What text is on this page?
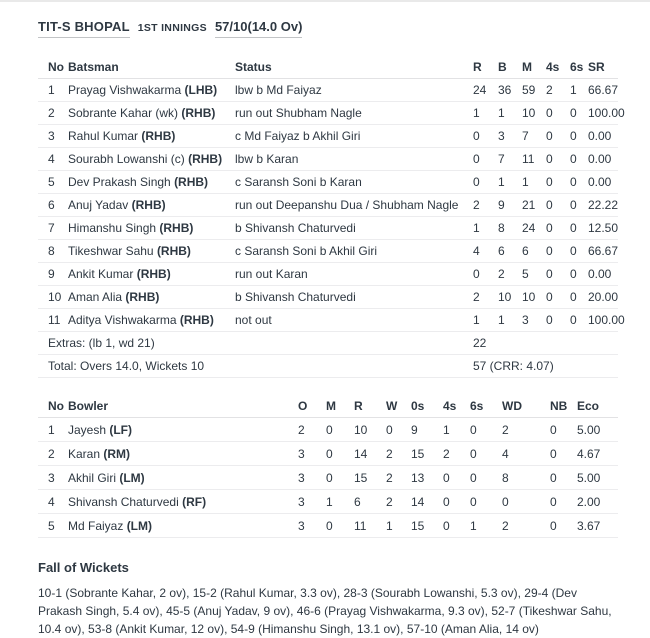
TIT-S BHOPAL 1ST INNINGS 57/10(14.0 Ov)
No	Batsman	Status	R	B	M	4s	6s	SR
1	Prayag Vishwakarma (LHB)	lbw b Md Faiyaz	24	36	59	2	1	66.67
2	Sobrante Kahar (wk) (RHB)	run out Shubham Nagle	1	1	10	0	0	100.00
3	Rahul Kumar (RHB)	c Md Faiyaz b Akhil Giri	0	3	7	0	0	0.00
4	Sourabh Lowanshi (c) (RHB)	lbw b Karan	0	7	11	0	0	0.00
5	Dev Prakash Singh (RHB)	c Saransh Soni b Karan	0	1	1	0	0	0.00
6	Anuj Yadav (RHB)	run out Deepanshu Dua / Shubham Nagle	2	9	21	0	0	22.22
7	Himanshu Singh (RHB)	b Shivansh Chaturvedi	1	8	24	0	0	12.50
8	Tikeshwar Sahu (RHB)	c Saransh Soni b Akhil Giri	4	6	6	0	0	66.67
9	Ankit Kumar (RHB)	run out Karan	0	2	5	0	0	0.00
10	Aman Alia (RHB)	b Shivansh Chaturvedi	2	10	10	0	0	20.00
11	Aditya Vishwakarma (RHB)	not out	1	1	3	0	0	100.00
Extras: (lb 1, wd 21)			22					
Total: Overs 14.0, Wickets 10			57 (CRR: 4.07)					
No	Bowler	O	M	R	W	0s	4s	6s	WD	NB	Eco
1	Jayesh (LF)	2	0	10	0	9	1	0	2	0	5.00
2	Karan (RM)	3	0	14	2	15	2	0	4	0	4.67
3	Akhil Giri (LM)	3	0	15	2	13	0	0	8	0	5.00
4	Shivansh Chaturvedi (RF)	3	1	6	2	14	0	0	0	0	2.00
5	Md Faiyaz (LM)	3	0	11	1	15	0	1	2	0	3.67
Fall of Wickets
10-1 (Sobrante Kahar, 2 ov), 15-2 (Rahul Kumar, 3.3 ov), 28-3 (Sourabh Lowanshi, 5.3 ov), 29-4 (Dev Prakash Singh, 5.4 ov), 45-5 (Anuj Yadav, 9 ov), 46-6 (Prayag Vishwakarma, 9.3 ov), 52-7 (Tikeshwar Sahu, 10.4 ov), 53-8 (Ankit Kumar, 12 ov), 54-9 (Himanshu Singh, 13.1 ov), 57-10 (Aman Alia, 14 ov)
